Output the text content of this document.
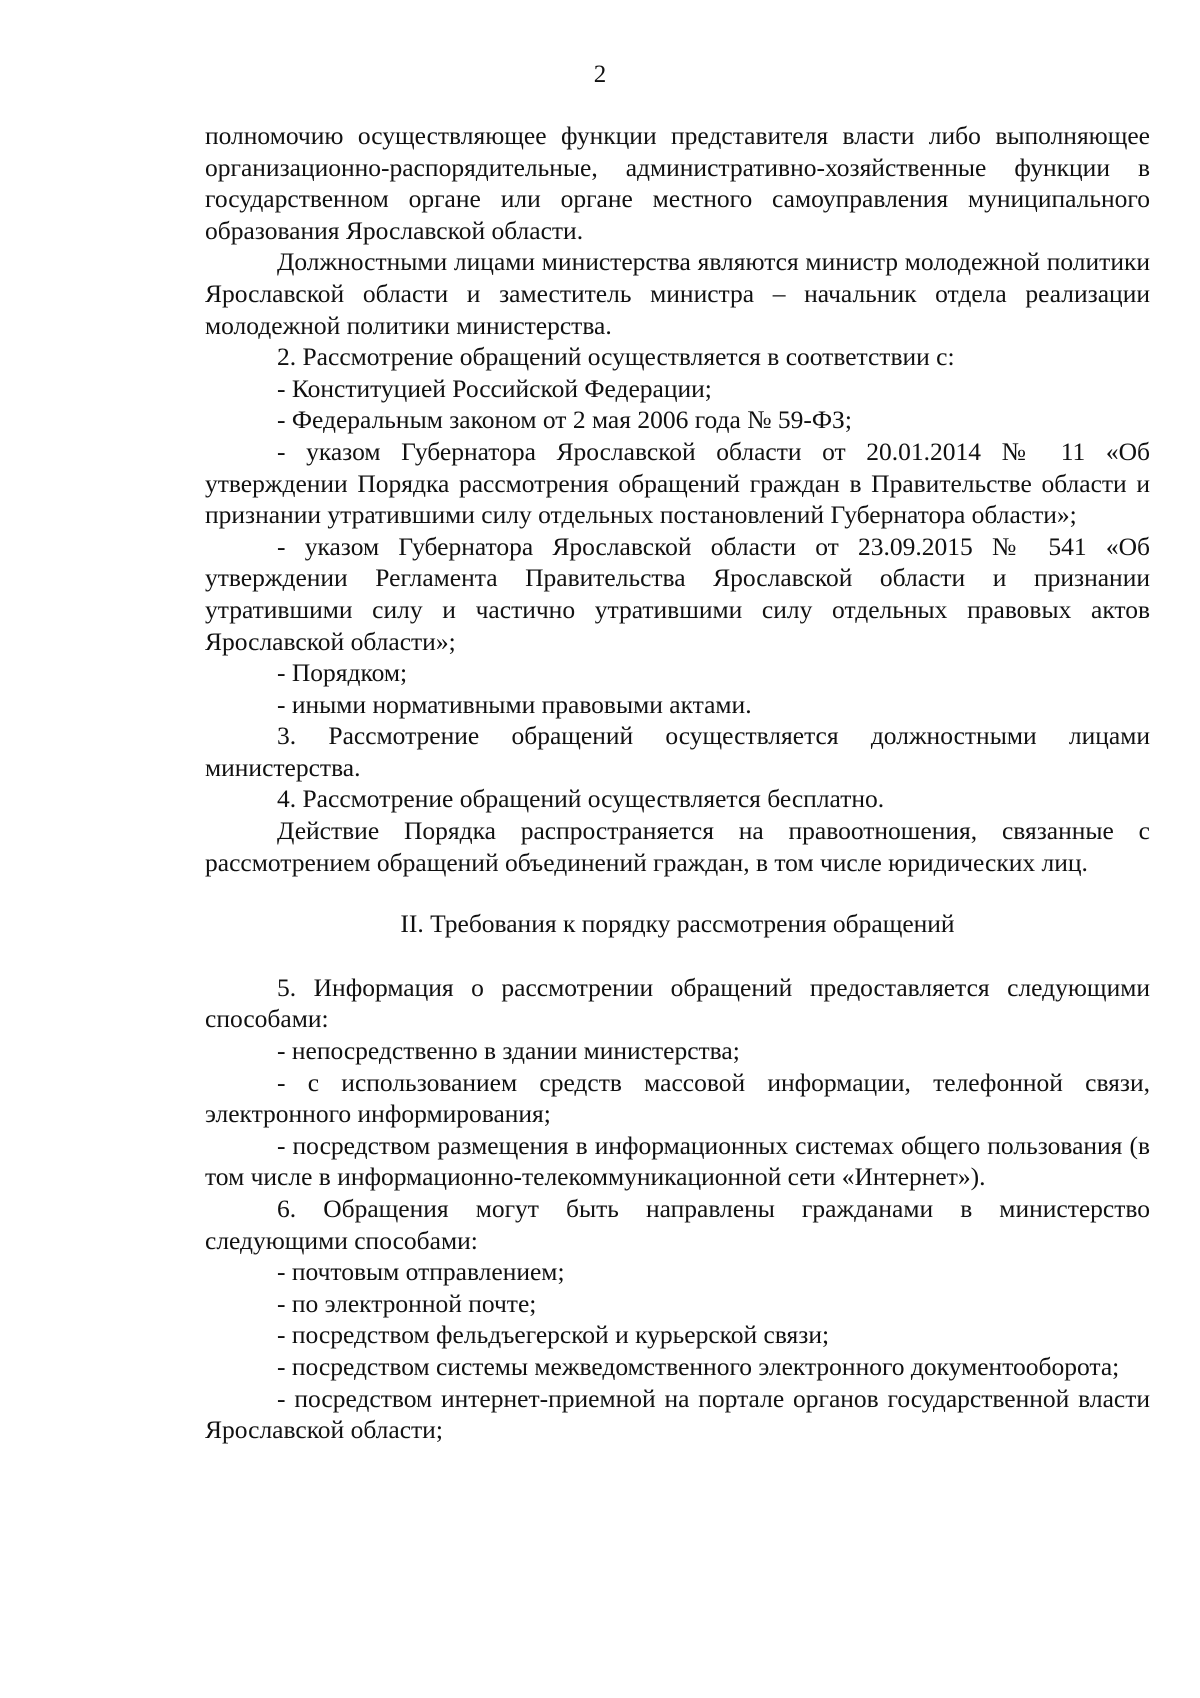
2

полномочию осуществляющее функции представителя власти либо выполняющее организационно-распорядительные, административно-хозяйственные функции в государственном органе или органе местного самоуправления муниципального образования Ярославской области.

Должностными лицами министерства являются министр молодежной политики Ярославской области и заместитель министра – начальник отдела реализации молодежной политики министерства.

2. Рассмотрение обращений осуществляется в соответствии с:

- Конституцией Российской Федерации;

- Федеральным законом от 2 мая 2006 года № 59-ФЗ;

- указом Губернатора Ярославской области от 20.01.2014 № 11 «Об утверждении Порядка рассмотрения обращений граждан в Правительстве области и признании утратившими силу отдельных постановлений Губернатора области»;

- указом Губернатора Ярославской области от 23.09.2015 № 541 «Об утверждении Регламента Правительства Ярославской области и признании утратившими силу и частично утратившими силу отдельных правовых актов Ярославской области»;

- Порядком;

- иными нормативными правовыми актами.

3. Рассмотрение обращений осуществляется должностными лицами министерства.

4. Рассмотрение обращений осуществляется бесплатно.

Действие Порядка распространяется на правоотношения, связанные с рассмотрением обращений объединений граждан, в том числе юридических лиц.

II. Требования к порядку рассмотрения обращений

5. Информация о рассмотрении обращений предоставляется следующими способами:

- непосредственно в здании министерства;

- с использованием средств массовой информации, телефонной связи, электронного информирования;

- посредством размещения в информационных системах общего пользования (в том числе в информационно-телекоммуникационной сети «Интернет»).

6. Обращения могут быть направлены гражданами в министерство следующими способами:

- почтовым отправлением;

- по электронной почте;

- посредством фельдъегерской и курьерской связи;

- посредством системы межведомственного электронного документооборота;

- посредством интернет-приемной на портале органов государственной власти Ярославской области;
